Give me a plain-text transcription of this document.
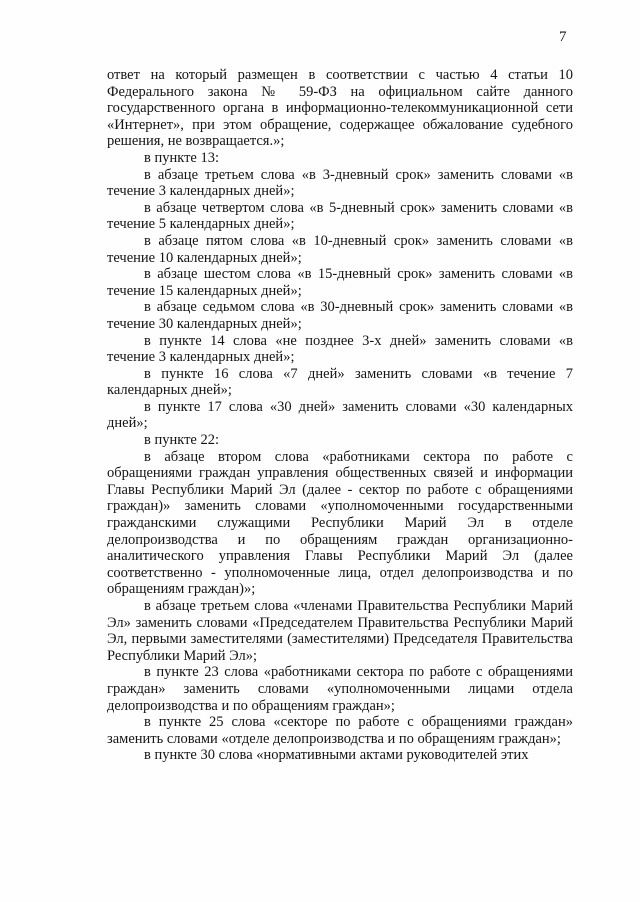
7

ответ на который размещен в соответствии с частью 4 статьи 10 Федерального закона № 59-ФЗ на официальном сайте данного государственного органа в информационно-телекоммуникационной сети «Интернет», при этом обращение, содержащее обжалование судебного решения, не возвращается.»;

в пункте 13:

в абзаце третьем слова «в 3-дневный срок» заменить словами «в течение 3 календарных дней»;

в абзаце четвертом слова «в 5-дневный срок» заменить словами «в течение 5 календарных дней»;

в абзаце пятом слова «в 10-дневный срок» заменить словами «в течение 10 календарных дней»;

в абзаце шестом слова «в 15-дневный срок» заменить словами «в течение 15 календарных дней»;

в абзаце седьмом слова «в 30-дневный срок» заменить словами «в течение 30 календарных дней»;

в пункте 14 слова «не позднее 3-х дней» заменить словами «в течение 3 календарных дней»;

в пункте 16 слова «7 дней» заменить словами «в течение 7 календарных дней»;

в пункте 17 слова «30 дней» заменить словами «30 календарных дней»;

в пункте 22:

в абзаце втором слова «работниками сектора по работе с обращениями граждан управления общественных связей и информации Главы Республики Марий Эл (далее - сектор по работе с обращениями граждан)» заменить словами «уполномоченными государственными гражданскими служащими Республики Марий Эл в отделе делопроизводства и по обращениям граждан организационно-аналитического управления Главы Республики Марий Эл (далее соответственно - уполномоченные лица, отдел делопроизводства и по обращениям граждан)»;

в абзаце третьем слова «членами Правительства Республики Марий Эл» заменить словами «Председателем Правительства Республики Марий Эл, первыми заместителями (заместителями) Председателя Правительства Республики Марий Эл»;

в пункте 23 слова «работниками сектора по работе с обращениями граждан» заменить словами «уполномоченными лицами отдела делопроизводства и по обращениям граждан»;

в пункте 25 слова «секторе по работе с обращениями граждан» заменить словами «отделе делопроизводства и по обращениям граждан»;

в пункте 30 слова «нормативными актами руководителей этих
